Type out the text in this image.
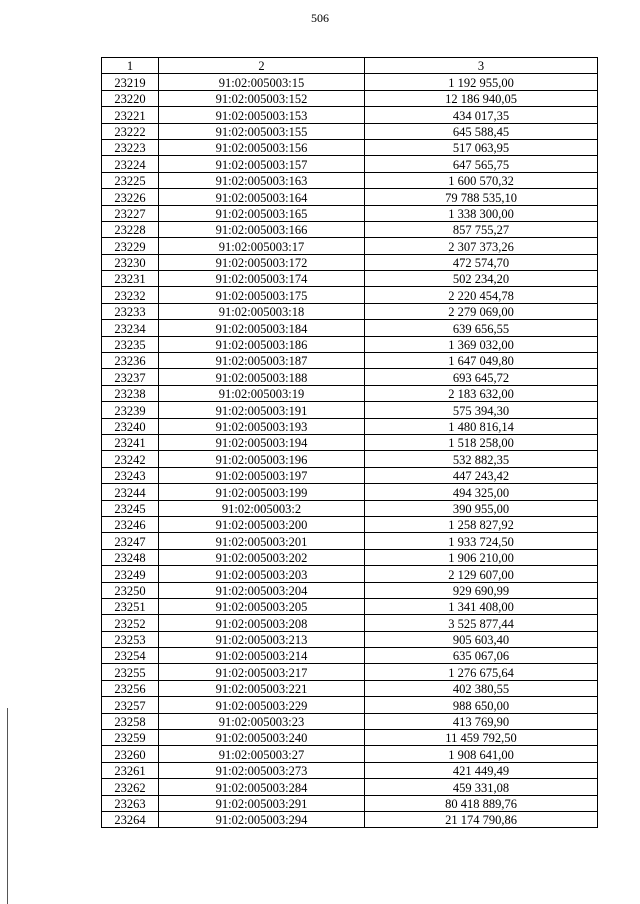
506
1	2	3
23219	91:02:005003:15	1 192 955,00
23220	91:02:005003:152	12 186 940,05
23221	91:02:005003:153	434 017,35
23222	91:02:005003:155	645 588,45
23223	91:02:005003:156	517 063,95
23224	91:02:005003:157	647 565,75
23225	91:02:005003:163	1 600 570,32
23226	91:02:005003:164	79 788 535,10
23227	91:02:005003:165	1 338 300,00
23228	91:02:005003:166	857 755,27
23229	91:02:005003:17	2 307 373,26
23230	91:02:005003:172	472 574,70
23231	91:02:005003:174	502 234,20
23232	91:02:005003:175	2 220 454,78
23233	91:02:005003:18	2 279 069,00
23234	91:02:005003:184	639 656,55
23235	91:02:005003:186	1 369 032,00
23236	91:02:005003:187	1 647 049,80
23237	91:02:005003:188	693 645,72
23238	91:02:005003:19	2 183 632,00
23239	91:02:005003:191	575 394,30
23240	91:02:005003:193	1 480 816,14
23241	91:02:005003:194	1 518 258,00
23242	91:02:005003:196	532 882,35
23243	91:02:005003:197	447 243,42
23244	91:02:005003:199	494 325,00
23245	91:02:005003:2	390 955,00
23246	91:02:005003:200	1 258 827,92
23247	91:02:005003:201	1 933 724,50
23248	91:02:005003:202	1 906 210,00
23249	91:02:005003:203	2 129 607,00
23250	91:02:005003:204	929 690,99
23251	91:02:005003:205	1 341 408,00
23252	91:02:005003:208	3 525 877,44
23253	91:02:005003:213	905 603,40
23254	91:02:005003:214	635 067,06
23255	91:02:005003:217	1 276 675,64
23256	91:02:005003:221	402 380,55
23257	91:02:005003:229	988 650,00
23258	91:02:005003:23	413 769,90
23259	91:02:005003:240	11 459 792,50
23260	91:02:005003:27	1 908 641,00
23261	91:02:005003:273	421 449,49
23262	91:02:005003:284	459 331,08
23263	91:02:005003:291	80 418 889,76
23264	91:02:005003:294	21 174 790,86
